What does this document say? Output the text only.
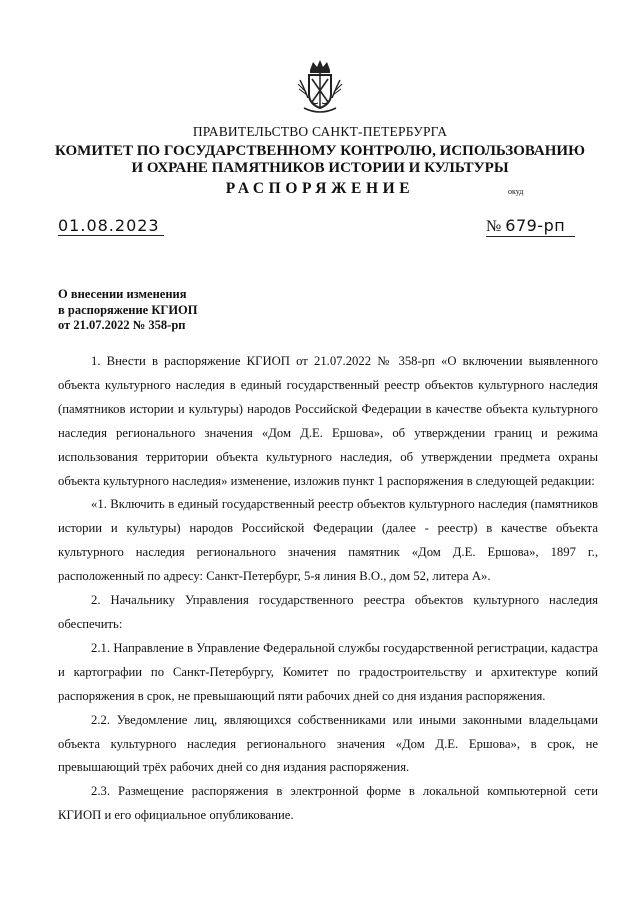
ПРАВИТЕЛЬСТВО САНКТ-ПЕТЕРБУРГА
КОМИТЕТ ПО ГОСУДАРСТВЕННОМУ КОНТРОЛЮ, ИСПОЛЬЗОВАНИЮ
И ОХРАНЕ ПАМЯТНИКОВ ИСТОРИИ И КУЛЬТУРЫ
РАСПОРЯЖЕНИЕ	окуд
01.08.2023	№ 679-рп
О внесении изменения
в распоряжение КГИОП
от 21.07.2022 № 358-рп

1. Внести в распоряжение КГИОП от 21.07.2022 № 358-рп «О включении выявленного объекта культурного наследия в единый государственный реестр объектов культурного наследия (памятников истории и культуры) народов Российской Федерации в качестве объекта культурного наследия регионального значения «Дом Д.Е. Ершова», об утверждении границ и режима использования территории объекта культурного наследия, об утверждении предмета охраны объекта культурного наследия» изменение, изложив пункт 1 распоряжения в следующей редакции:

«1. Включить в единый государственный реестр объектов культурного наследия (памятников истории и культуры) народов Российской Федерации (далее - реестр) в качестве объекта культурного наследия регионального значения памятник «Дом Д.Е. Ершова», 1897 г., расположенный по адресу: Санкт-Петербург, 5-я линия В.О., дом 52, литера А».

2. Начальнику Управления государственного реестра объектов культурного наследия обеспечить:

2.1. Направление в Управление Федеральной службы государственной регистрации, кадастра и картографии по Санкт-Петербургу, Комитет по градостроительству и архитектуре копий распоряжения в срок, не превышающий пяти рабочих дней со дня издания распоряжения.

2.2. Уведомление лиц, являющихся собственниками или иными законными владельцами объекта культурного наследия регионального значения «Дом Д.Е. Ершова», в срок, не превышающий трёх рабочих дней со дня издания распоряжения.

2.3. Размещение распоряжения в электронной форме в локальной компьютерной сети КГИОП и его официальное опубликование.
